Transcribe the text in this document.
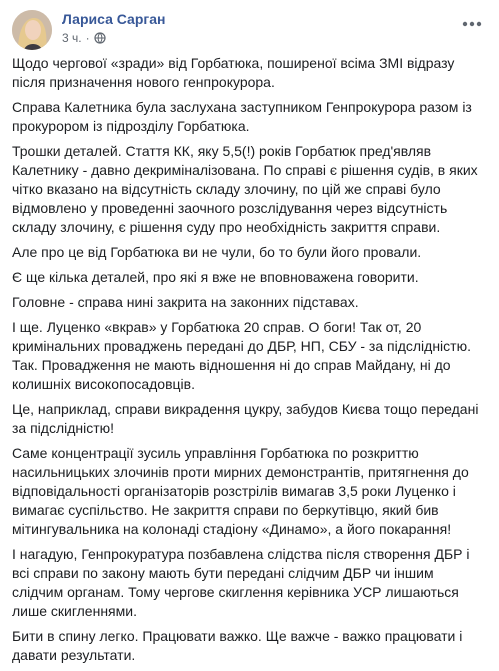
Лариса Сарган
3 ч. ·

Щодо чергової «зради» від Горбатюка, поширеної всіма ЗМІ відразу
після призначення нового генпрокурора.

Справа Калетника була заслухана заступником Генпрокурора разом із
прокурором із підрозділу Горбатюка.

Трошки деталей. Стаття КК, яку 5,5(!) років Горбатюк пред'являв
Калетнику - давно декриміналізована. По справі є рішення судів, в яких
чітко вказано на відсутність складу злочину, по цій же справі було
відмовлено у проведенні заочного розслідування через відсутність
складу злочину, є рішення суду про необхідність закриття справи.

Але про це від Горбатюка ви не чули, бо то були його провали.

Є ще кілька деталей, про які я вже не вповноважена говорити.

Головне - справа нині закрита на законних підставах.

І ще. Луценко «вкрав» у Горбатюка 20 справ. О боги! Так от, 20
кримінальних проваджень передані до ДБР, НП, СБУ - за підслідністю.
Так. Провадження не мають відношення ні до справ Майдану, ні до
колишніх високопосадовців.

Це, наприклад, справи викрадення цукру, забудов Києва тощо передані
за підслідністю!

Саме концентрації зусиль управління Горбатюка по розкриттю
насильницьких злочинів проти мирних демонстрантів, притягнення до
відповідальності організаторів розстрілів вимагав 3,5 роки Луценко і
вимагає суспільство. Не закриття справи по беркутівцю, який бив
мітингувальника на колонаді стадіону «Динамо», а його покарання!

І нагадую, Генпрокуратура позбавлена слідства після створення ДБР і
всі справи по закону мають бути передані слідчим ДБР чи іншим
слідчим органам. Тому чергове скиглення керівника УСР лишаються
лише скигленнями.

Бити в спину легко. Працювати важко. Ще важче - важко працювати і
давати результати.
